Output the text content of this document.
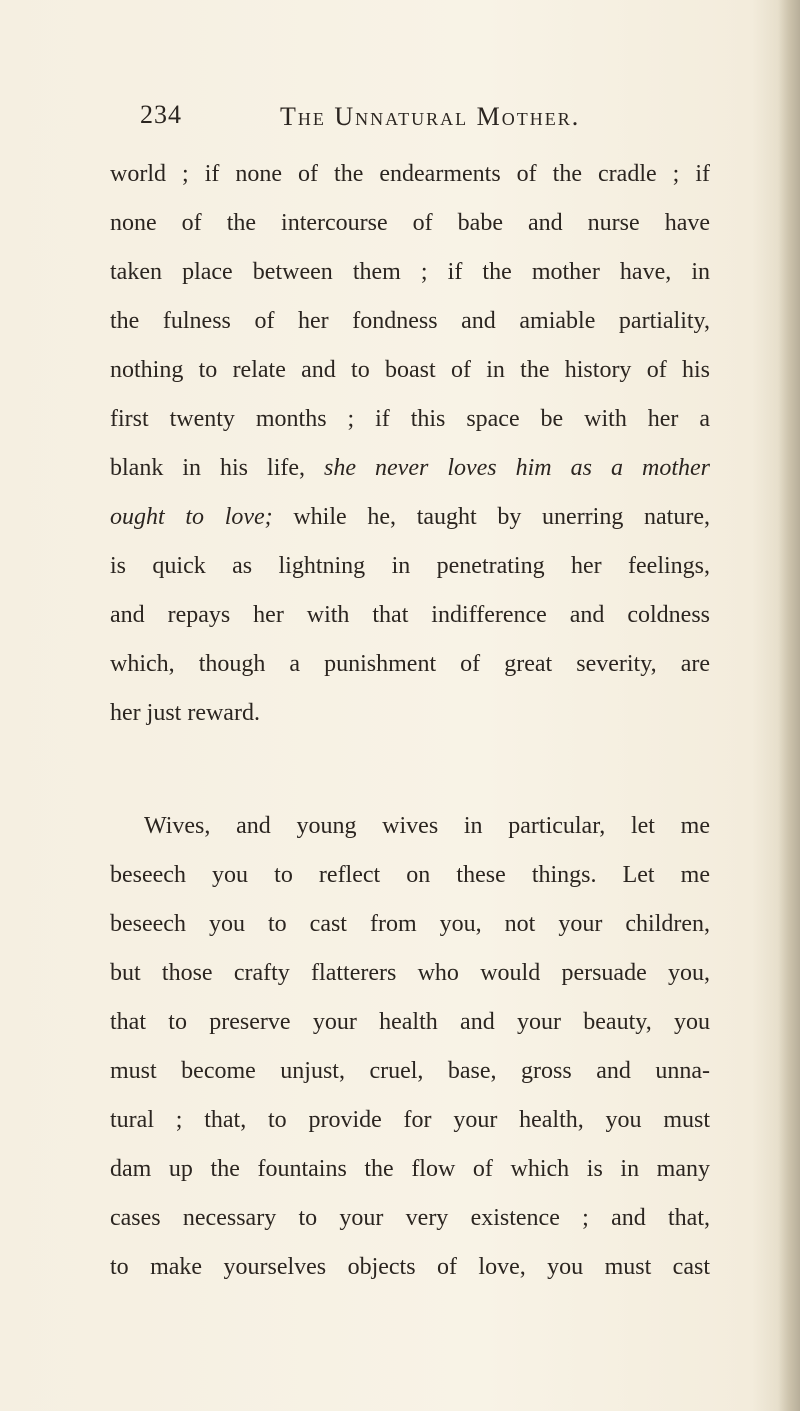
234	The Unnatural Mother.
world ; if none of the endearments of the cradle ; if
none of the intercourse of babe and nurse have
taken place between them ; if the mother have, in
the fulness of her fondness and amiable partiality,
nothing to relate and to boast of in the history of his
first twenty months ; if this space be with her a
blank in his life, she never loves him as a mother
ought to love; while he, taught by unerring nature,
is quick as lightning in penetrating her feelings,
and repays her with that indifference and coldness
which, though a punishment of great severity, are
her just reward.
Wives, and young wives in particular, let me
beseech you to reflect on these things. Let me
beseech you to cast from you, not your children,
but those crafty flatterers who would persuade you,
that to preserve your health and your beauty, you
must become unjust, cruel, base, gross and unna-
tural ; that, to provide for your health, you must
dam up the fountains the flow of which is in many
cases necessary to your very existence ; and that,
to make yourselves objects of love, you must cast
